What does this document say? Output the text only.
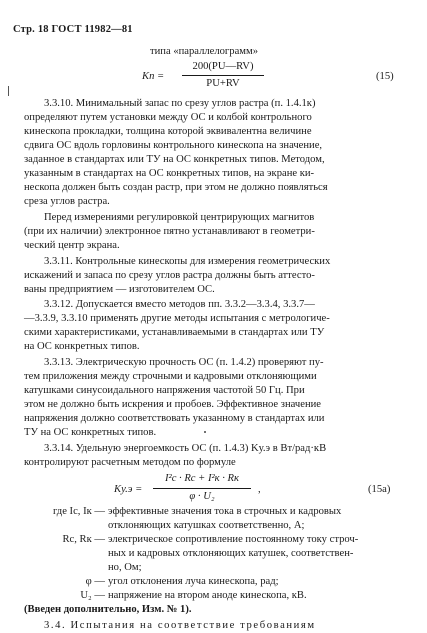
Стр. 18 ГОСТ 11982—81
типа «параллелограмм»
Kп =
200(PU—RV)
PU+RV
(15)
3.3.10. Минимальный запас по срезу углов растра (п. 1.4.1к)
определяют путем установки между ОС и колбой контрольного
кинескопа прокладки, толщина которой эквивалентна величине
сдвига ОС вдоль горловины контрольного кинескопа на значение,
заданное в стандартах или ТУ на ОС конкретных типов. Методом,
указанным в стандартах на ОС конкретных типов, на экране ки-
нескопа должен быть создан растр, при этом не должно появляться
среза углов растра.
Перед измерениями регулировкой центрирующих магнитов
(при их наличии) электронное пятно устанавливают в геометри-
ческий центр экрана.
3.3.11. Контрольные кинескопы для измерения геометрических
искажений и запаса по срезу углов растра должны быть аттесто-
ваны предприятием — изготовителем ОС.
3.3.12. Допускается вместо методов пп. 3.3.2—3.3.4, 3.3.7—
—3.3.9, 3.3.10 применять другие методы испытания с метрологиче-
скими характеристиками, устанавливаемыми в стандартах или ТУ
на ОС конкретных типов.
3.3.13. Электрическую прочность ОС (п. 1.4.2) проверяют пу-
тем приложения между строчными и кадровыми отклоняющими
катушками синусоидального напряжения частотой 50 Гц. При
этом не должно быть искрения и пробоев. Эффективное значение
напряжения должно соответствовать указанному в стандартах или
ТУ на ОС конкретных типов.
3.3.14. Удельную энергоемкость ОС (п. 1.4.3) Kу.э в Вт/рад·кВ
контролируют расчетным методом по формуле
Kу.э =
I²с · Rс + I²к · Rк
φ · U₂
,	(15а)
где Iс, Iк — эффективные значения тока в строчных и кадровых
отклоняющих катушках соответственно, А;
Rс, Rк — электрическое сопротивление постоянному току строч-
ных и кадровых отклоняющих катушек, соответствен-
но, Ом;
φ — угол отклонения луча кинескопа, рад;
U₂ — напряжение на втором аноде кинескопа, кВ.
(Введен дополнительно, Изм. № 1).
3.4. Испытания на соответствие требованиям
